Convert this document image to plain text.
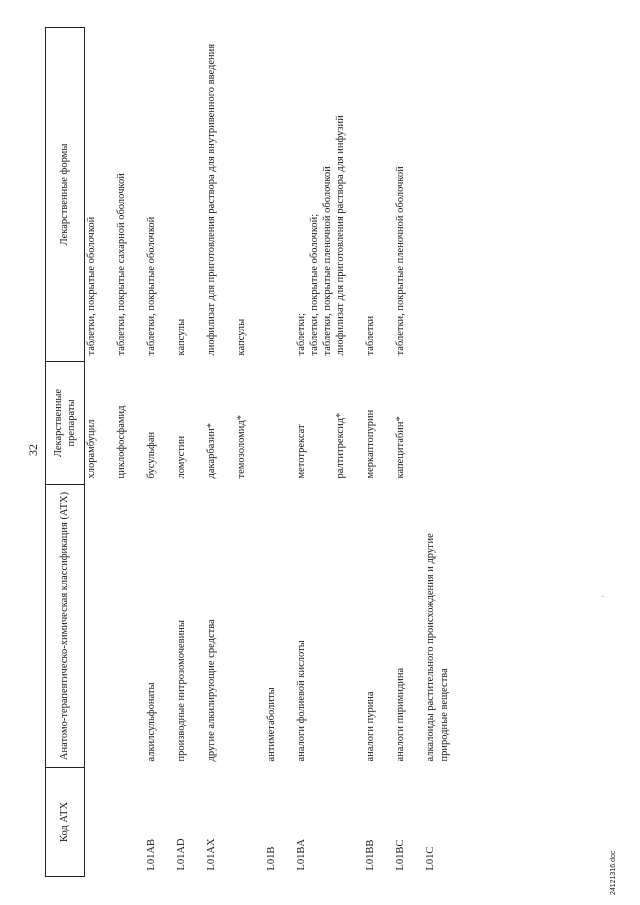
32
Код АТХ	Анатомо-терапевтическо-химическая классификация (АТХ)	Лекарственные препараты	Лекарственные формы
		хлорамбуцил	таблетки, покрытые оболочкой

		циклофосфамид	таблетки, покрытые сахарной оболочкой

L01AB	алкилсульфонаты	бусульфан	таблетки, покрытые оболочкой

L01AD	производные нитрозомочевины	ломустин	капсулы

L01AX	другие алкилирующие средства	дакарбазин*	лиофилизат для приготовления раствора для внутривенного введения

		темозоломид*	капсулы

L01B	антиметаболиты		
L01BA	аналоги фолиевой кислоты	метотрексат	таблетки; таблетки, покрытые оболочкой; таблетки, покрытые пленочной оболочкой

		ралтитрексид*	лиофилизат для приготовления раствора для инфузий

L01BB	аналоги пурина	меркаптопурин	таблетки

L01BC	аналоги пиримидина	капецитабин*	таблетки, покрытые пленочной оболочкой

L01C	алкалоиды растительного происхождения и другие природные вещества		
,
24121316.doc
